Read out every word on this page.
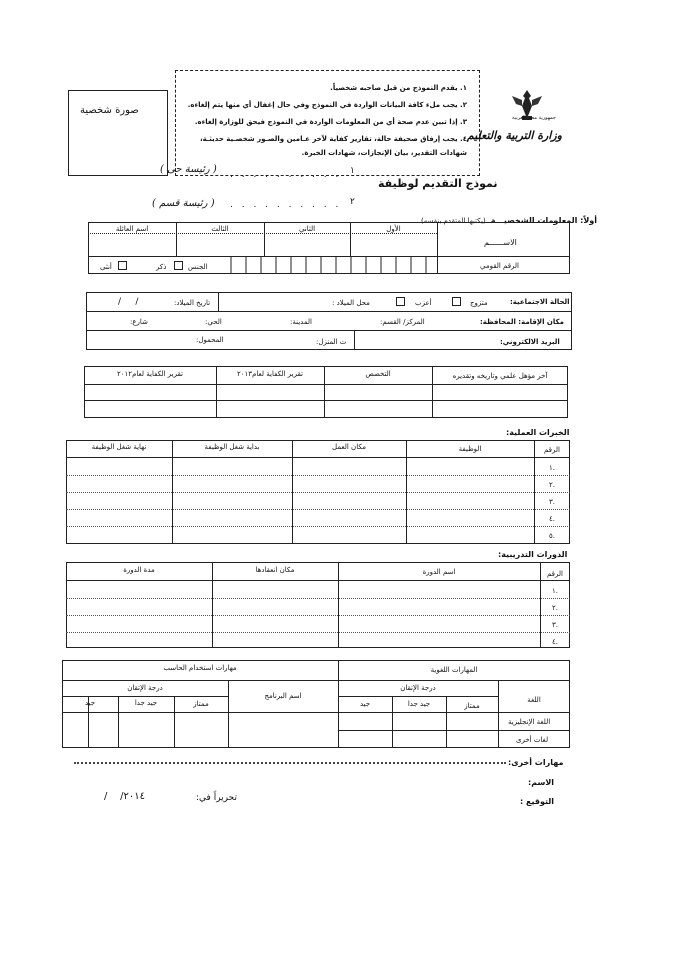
جمهورية مصر العربية
وزارة التربية والتعليم
١. يقدم النموذج من قبل صاحبه شخصياً.
٢. يجب ملء كافة البيانات الواردة في النموذج وفي حال إغفال أي منها يتم إلغاءه.
٣. إذا تبين عدم صحة أي من المعلومات الواردة في النموذج فيحق للوزارة إلغاءه.
٤. يجب إرفاق صحيفة حالة، تقارير كفاية لآخر عـامين والصـور شخصـية حديثـة،
شهادات التقدير، بيان الإنجازات، شهادات الخبرة.
صورة شخصية
( رئيسة حى ) . . . . . . . . . . ١
نموذج التقديم لوظيفة
( رئيسة قسم ) . . . . . . . . . . ٢
أولاً: المعلومات الشخصيـــة (يكتبها المتقدم بنفسه)
الاســــــم
الأول
الثاني
الثالث
اسم العائلة
الرقم القومي
الجنس
ذكر
أنثى
الحالة الاجتماعية:
متزوج
أعزب
محل الميلاد :
تاريخ الميلاد:
/     /
مكان الإقامة: المحافظة:
المركز/ القسم:
المدينة:
الحي:
شارع:
البريد الالكتروني:
ت المنزل:
المحمول:
آخر مؤهل علمي وتاريخه وتقديره
التخصص
تقرير الكفاية لعام٢٠١٣
تقرير الكفاية لعام٢٠١٢
الخبرات العملية:
الرقم
الوظيفة
مكان العمل
بداية شغل الوظيفة
نهاية شغل الوظيفة
١.
٢.
٣.
٤.
٥.
الدورات التدريبية:
الرقم
اسم الدورة
مكان انعقادها
مدة الدورة
١.
٢.
٣.
٤.
المهارات اللغوية
اللغة
درجة الإتقان
ممتاز
جيد جدا
جيد
اللغة الإنجليزية
لغات أخرى
مهارات استخدام الحاسب
اسم البرنامج
درجة الإتقان
ممتاز
جيد جدا
جيد
مهارات أخرى:
الاسم:
تحريراً في:
/    /٢٠١٤	التوقيع :
